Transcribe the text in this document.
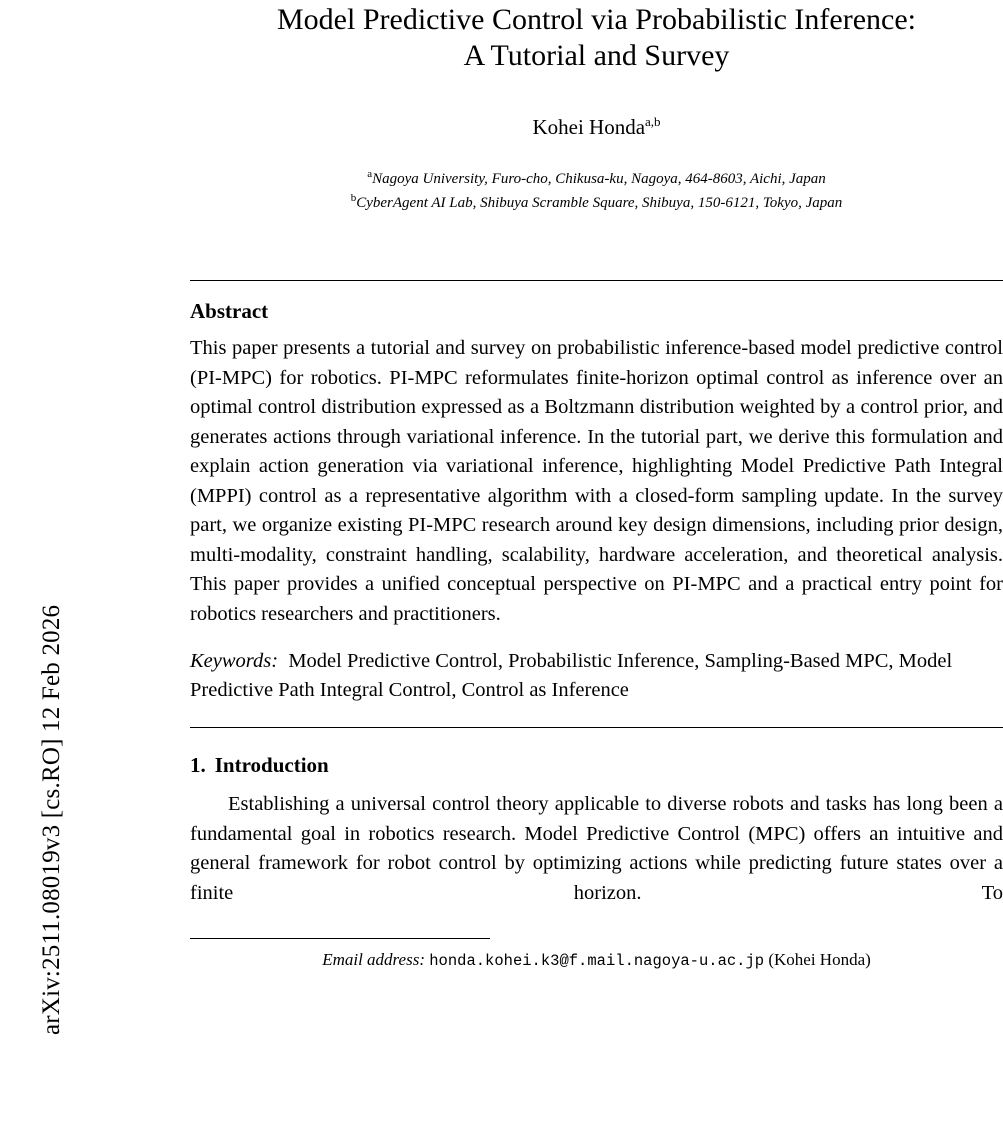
arXiv:2511.08019v3 [cs.RO] 12 Feb 2026
Model Predictive Control via Probabilistic Inference:
A Tutorial and Survey
Kohei Honda$^{a,b}$
$^a$Nagoya University, Furo-cho, Chikusa-ku, Nagoya, 464-8603, Aichi, Japan
$^b$CyberAgent AI Lab, Shibuya Scramble Square, Shibuya, 150-6121, Tokyo, Japan
Abstract

This paper presents a tutorial and survey on probabilistic inference-based model predictive control (PI-MPC) for robotics. PI-MPC reformulates finite-horizon optimal control as inference over an optimal control distribution expressed as a Boltzmann distribution weighted by a control prior, and generates actions through variational inference. In the tutorial part, we derive this formulation and explain action generation via variational inference, highlighting Model Predictive Path Integral (MPPI) control as a representative algorithm with a closed-form sampling update. In the survey part, we organize existing PI-MPC research around key design dimensions, including prior design, multi-modality, constraint handling, scalability, hardware acceleration, and theoretical analysis. This paper provides a unified conceptual perspective on PI-MPC and a practical entry point for robotics researchers and practitioners.

Keywords: Model Predictive Control, Probabilistic Inference, Sampling-Based MPC, Model Predictive Path Integral Control, Control as Inference
1. Introduction

Establishing a universal control theory applicable to diverse robots and tasks has long been a fundamental goal in robotics research. Model Predictive Control (MPC) offers an intuitive and general framework for robot control by optimizing actions while predicting future states over a finite horizon. To

Email address: honda.kohei.k3@f.mail.nagoya-u.ac.jp (Kohei Honda)
